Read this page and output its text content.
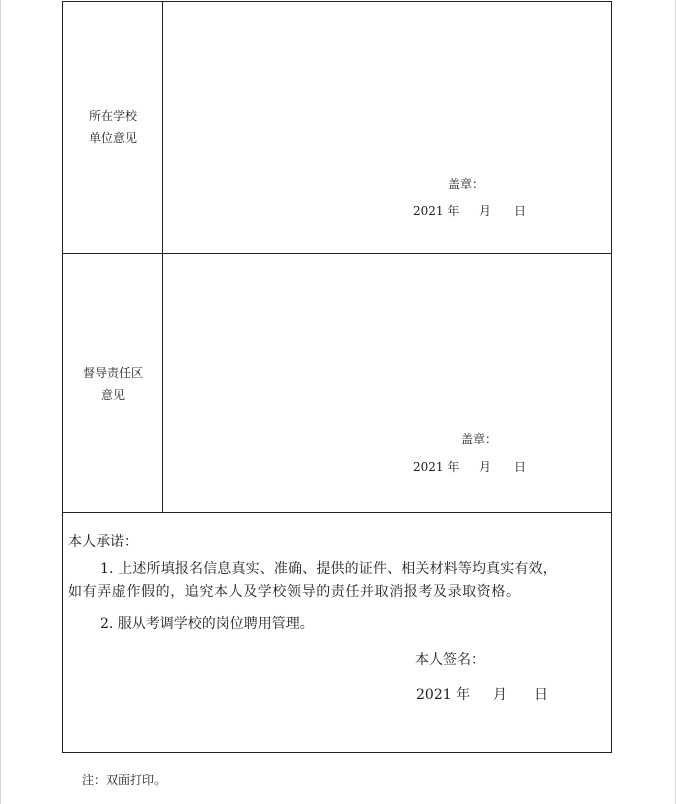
所在学校
单位意见
盖章：
2021 年 月 日
督导责任区
意见
盖章：
2021 年 月 日
本人承诺：
1. 上述所填报名信息真实、准确、提供的证件、相关材料等均真实有效，
如有弄虚作假的，追究本人及学校领导的责任并取消报考及录取资格。
2. 服从考调学校的岗位聘用管理。
本人签名：
2021 年 月 日
注：双面打印。
